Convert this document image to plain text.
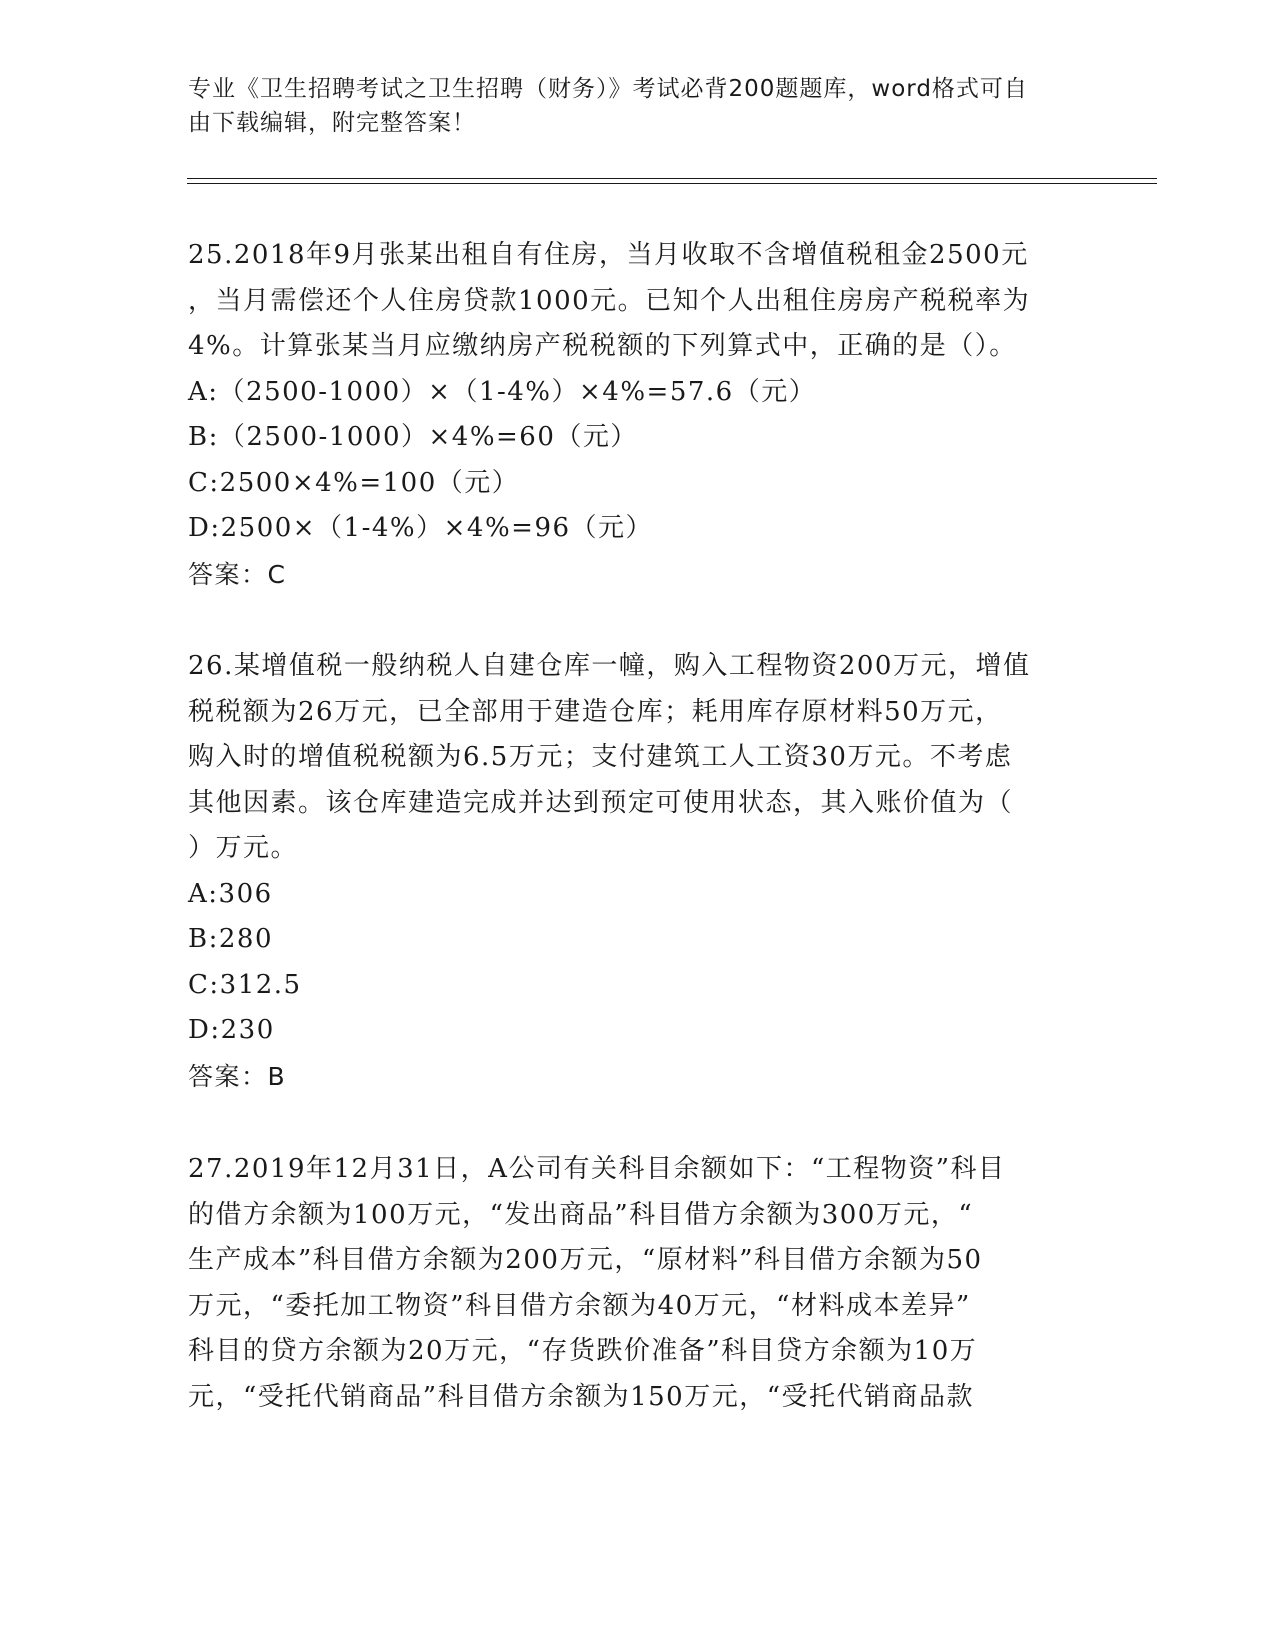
专业《卫生招聘考试之卫生招聘（财务）》考试必背200题题库，word格式可自
由下载编辑，附完整答案！
25.2018年9月张某出租自有住房，当月收取不含增值税租金2500元
，当月需偿还个人住房贷款1000元。已知个人出租住房房产税税率为
4%。计算张某当月应缴纳房产税税额的下列算式中，正确的是（）。
A:（2500-1000）×（1-4%）×4%=57.6（元）
B:（2500-1000）×4%=60（元）
C:2500×4%=100（元）
D:2500×（1-4%）×4%=96（元）
答案：C
26.某增值税一般纳税人自建仓库一幢，购入工程物资200万元，增值
税税额为26万元，已全部用于建造仓库；耗用库存原材料50万元，
购入时的增值税税额为6.5万元；支付建筑工人工资30万元。不考虑
其他因素。该仓库建造完成并达到预定可使用状态，其入账价值为（
）万元。
A:306
B:280
C:312.5
D:230
答案：B
27.2019年12月31日，A公司有关科目余额如下：“工程物资”科目
的借方余额为100万元，“发出商品”科目借方余额为300万元，“
生产成本”科目借方余额为200万元，“原材料”科目借方余额为50
万元，“委托加工物资”科目借方余额为40万元，“材料成本差异”
科目的贷方余额为20万元，“存货跌价准备”科目贷方余额为10万
元，“受托代销商品”科目借方余额为150万元，“受托代销商品款
